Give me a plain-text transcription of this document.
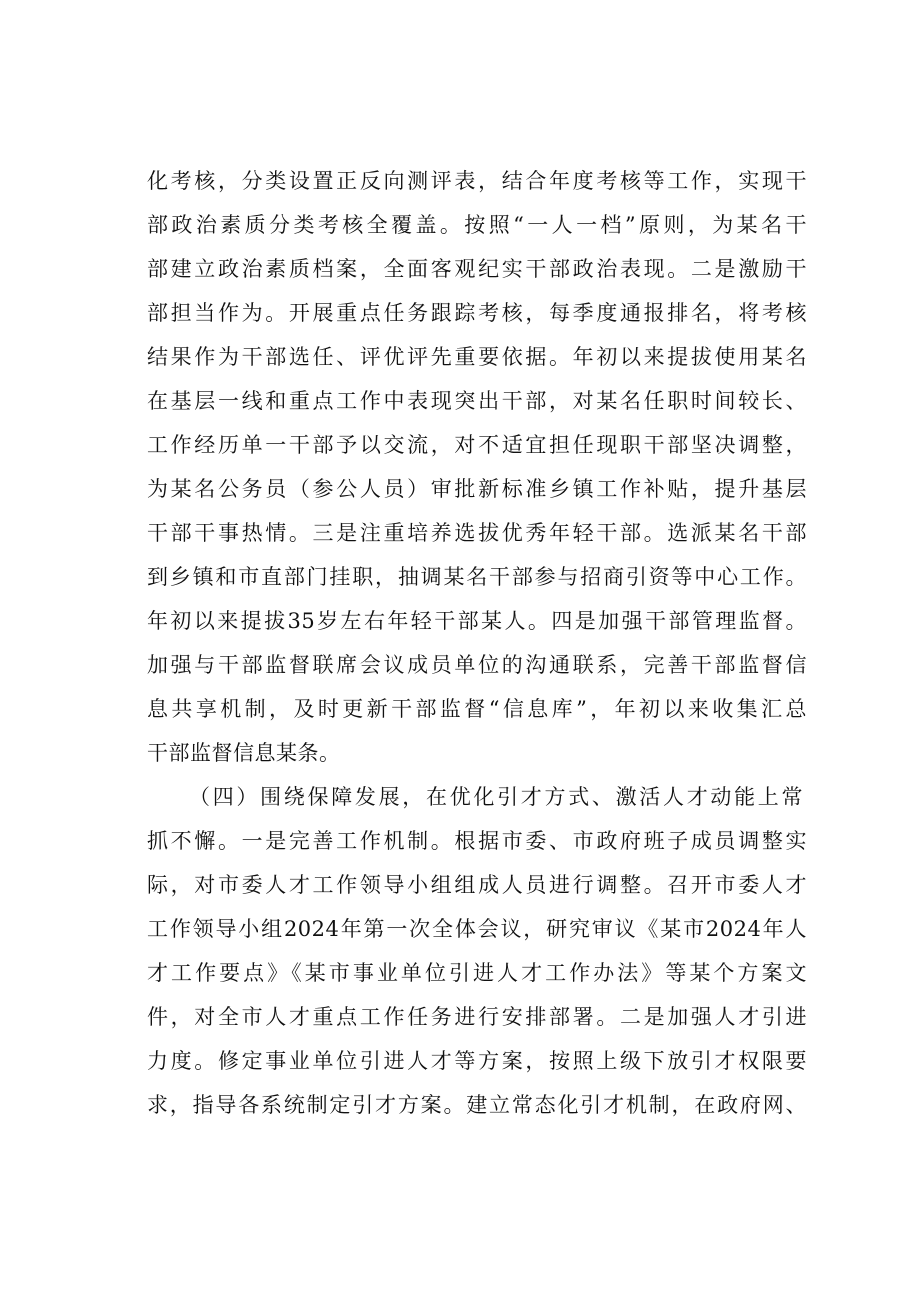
化考核，分类设置正反向测评表，结合年度考核等工作，实现干
部政治素质分类考核全覆盖。按照“一人一档”原则，为某名干
部建立政治素质档案，全面客观纪实干部政治表现。二是激励干
部担当作为。开展重点任务跟踪考核，每季度通报排名，将考核
结果作为干部选任、评优评先重要依据。年初以来提拔使用某名
在基层一线和重点工作中表现突出干部，对某名任职时间较长、
工作经历单一干部予以交流，对不适宜担任现职干部坚决调整，
为某名公务员（参公人员）审批新标准乡镇工作补贴，提升基层
干部干事热情。三是注重培养选拔优秀年轻干部。选派某名干部
到乡镇和市直部门挂职，抽调某名干部参与招商引资等中心工作。
年初以来提拔35岁左右年轻干部某人。四是加强干部管理监督。
加强与干部监督联席会议成员单位的沟通联系，完善干部监督信
息共享机制，及时更新干部监督“信息库”，年初以来收集汇总
干部监督信息某条。
（四）围绕保障发展，在优化引才方式、激活人才动能上常
抓不懈。一是完善工作机制。根据市委、市政府班子成员调整实
际，对市委人才工作领导小组组成人员进行调整。召开市委人才
工作领导小组2024年第一次全体会议，研究审议《某市2024年人
才工作要点》《某市事业单位引进人才工作办法》等某个方案文
件，对全市人才重点工作任务进行安排部署。二是加强人才引进
力度。修定事业单位引进人才等方案，按照上级下放引才权限要
求，指导各系统制定引才方案。建立常态化引才机制，在政府网、
